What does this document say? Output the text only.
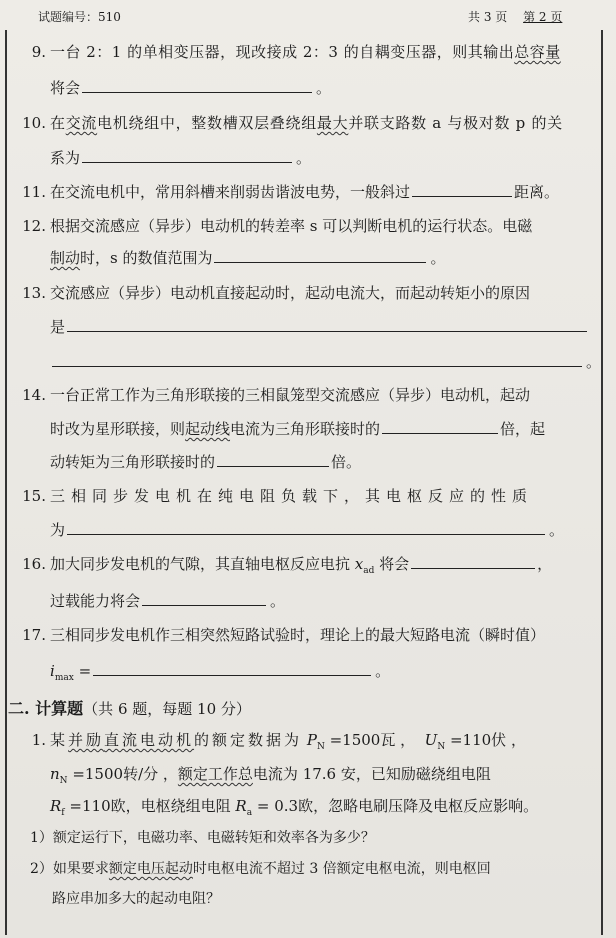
试题编号：510	共 3 页 第 2 页
9. 一台 2：1 的单相变压器，现改接成 2：3 的自耦变压器，则其输出总容量
将会	。
10. 在交流电机绕组中，整数槽双层叠绕组最大并联支路数 a 与极对数 p 的关
系为	。
11. 在交流电机中，常用斜槽来削弱齿谐波电势，一般斜过	距离。
12. 根据交流感应（异步）电动机的转差率 s 可以判断电机的运行状态。电磁
制动时，s 的数值范围为	。
13. 交流感应（异步）电动机直接起动时，起动电流大，而起动转矩小的原因
是
。
14. 一台正常工作为三角形联接的三相鼠笼型交流感应（异步）电动机，起动
时改为星形联接，则起动线电流为三角形联接时的	倍，起
动转矩为三角形联接时的	倍。
15. 三相同步发电机在纯电阻负载下，其电枢反应的性质
为	。
16. 加大同步发电机的气隙，其直轴电枢反应电抗 $x_{ad}$ 将会	，
过载能力将会	。
17. 三相同步发电机作三相突然短路试验时，理论上的最大短路电流（瞬时值）
$i_{max}$ =	。
二. 计算题（共 6 题，每题 10 分）
1. 某并励直流电动机的额定数据为 $P_N =1500$瓦 ，  $U_N =110$伏 ，
$n_N =1500$转/分 ，额定工作总电流为 17.6 安，已知励磁绕组电阻
$R_f =110$欧，电枢绕组电阻 $R_a = 0.3$欧，忽略电刷压降及电枢反应影响。
1）额定运行下，电磁功率、电磁转矩和效率各为多少？
2）如果要求额定电压起动时电枢电流不超过 3 倍额定电枢电流，则电枢回
路应串加多大的起动电阻？
